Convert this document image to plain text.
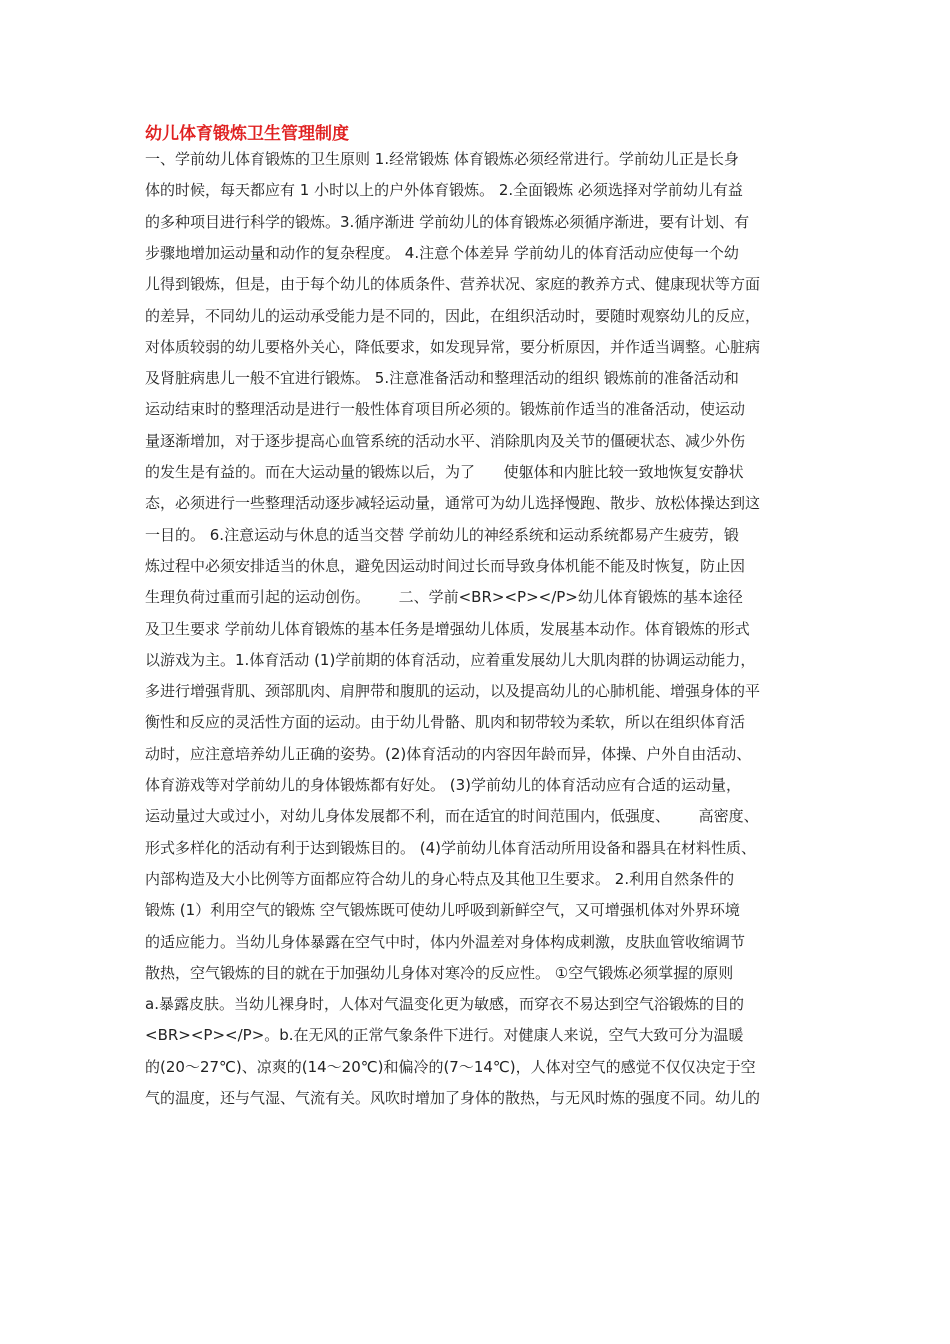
幼儿体育锻炼卫生管理制度
一、学前幼儿体育锻炼的卫生原则 1.经常锻炼 体育锻炼必须经常进行。学前幼儿正是长身
体的时候，每天都应有 1 小时以上的户外体育锻炼。 2.全面锻炼 必须选择对学前幼儿有益
的多种项目进行科学的锻炼。3.循序渐进 学前幼儿的体育锻炼必须循序渐进，要有计划、有
步骤地增加运动量和动作的复杂程度。 4.注意个体差异 学前幼儿的体育活动应使每一个幼
儿得到锻炼，但是，由于每个幼儿的体质条件、营养状况、家庭的教养方式、健康现状等方面
的差异，不同幼儿的运动承受能力是不同的，因此，在组织活动时，要随时观察幼儿的反应，
对体质较弱的幼儿要格外关心，降低要求，如发现异常，要分析原因，并作适当调整。心脏病
及肾脏病患儿一般不宜进行锻炼。 5.注意准备活动和整理活动的组织 锻炼前的准备活动和
运动结束时的整理活动是进行一般性体育项目所必须的。锻炼前作适当的准备活动，使运动
量逐渐增加，对于逐步提高心血管系统的活动水平、消除肌肉及关节的僵硬状态、减少外伤
的发生是有益的。而在大运动量的锻炼以后，为了      使躯体和内脏比较一致地恢复安静状
态，必须进行一些整理活动逐步减轻运动量，通常可为幼儿选择慢跑、散步、放松体操达到这
一目的。 6.注意运动与休息的适当交替 学前幼儿的神经系统和运动系统都易产生疲劳，锻
炼过程中必须安排适当的休息，避免因运动时间过长而导致身体机能不能及时恢复，防止因
生理负荷过重而引起的运动创伤。      二、学前<BR><P></P>幼儿体育锻炼的基本途径
及卫生要求 学前幼儿体育锻炼的基本任务是增强幼儿体质，发展基本动作。体育锻炼的形式
以游戏为主。1.体育活动 (1)学前期的体育活动，应着重发展幼儿大肌肉群的协调运动能力，
多进行增强背肌、颈部肌肉、肩胛带和腹肌的运动，以及提高幼儿的心肺机能、增强身体的平
衡性和反应的灵活性方面的运动。由于幼儿骨骼、肌肉和韧带较为柔软，所以在组织体育活
动时，应注意培养幼儿正确的姿势。(2)体育活动的内容因年龄而异，体操、户外自由活动、
体育游戏等对学前幼儿的身体锻炼都有好处。 (3)学前幼儿的体育活动应有合适的运动量，
运动量过大或过小，对幼儿身体发展都不利，而在适宜的时间范围内，低强度、      高密度、
形式多样化的活动有利于达到锻炼目的。 (4)学前幼儿体育活动所用设备和器具在材料性质、
内部构造及大小比例等方面都应符合幼儿的身心特点及其他卫生要求。 2.利用自然条件的
锻炼 (1）利用空气的锻炼 空气锻炼既可使幼儿呼吸到新鲜空气，又可增强机体对外界环境
的适应能力。当幼儿身体暴露在空气中时，体内外温差对身体构成刺激，皮肤血管收缩调节
散热，空气锻炼的目的就在于加强幼儿身体对寒冷的反应性。 ①空气锻炼必须掌握的原则
a.暴露皮肤。当幼儿裸身时，人体对气温变化更为敏感，而穿衣不易达到空气浴锻炼的目的
<BR><P></P>。b.在无风的正常气象条件下进行。对健康人来说，空气大致可分为温暖
的(20～27℃)、凉爽的(14～20℃)和偏冷的(7～14℃)，人体对空气的感觉不仅仅决定于空
气的温度，还与气湿、气流有关。风吹时增加了身体的散热，与无风时炼的强度不同。幼儿的
